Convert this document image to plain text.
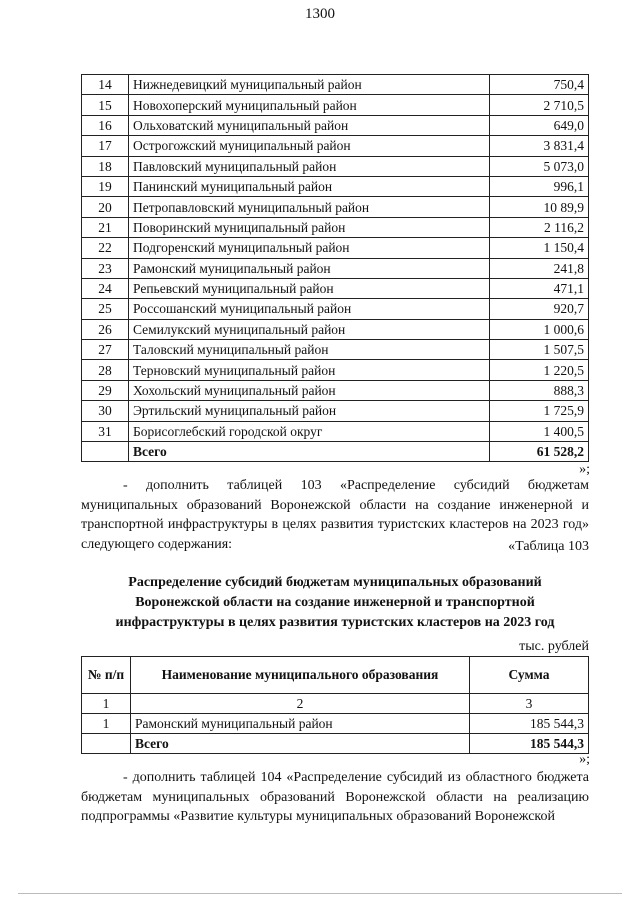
1300
14	Нижнедевицкий муниципальный район	750,4
15	Новохоперский муниципальный район	2 710,5
16	Ольховатский муниципальный район	649,0
17	Острогожский муниципальный район	3 831,4
18	Павловский муниципальный район	5 073,0
19	Панинский муниципальный район	996,1
20	Петропавловский муниципальный район	10 89,9
21	Поворинский муниципальный район	2 116,2
22	Подгоренский муниципальный район	1 150,4
23	Рамонский муниципальный район	241,8
24	Репьевский муниципальный район	471,1
25	Россошанский муниципальный район	920,7
26	Семилукский муниципальный район	1 000,6
27	Таловский муниципальный район	1 507,5
28	Терновский муниципальный район	1 220,5
29	Хохольский муниципальный район	888,3
30	Эртильский муниципальный район	1 725,9
31	Борисоглебский городской округ	1 400,5
	Всего	61 528,2
»;
- дополнить таблицей 103 «Распределение субсидий бюджетам муниципальных образований Воронежской области на создание инженерной и транспортной инфраструктуры в целях развития туристских кластеров на 2023 год» следующего содержания:	«Таблица 103
Распределение субсидий бюджетам муниципальных образований
Воронежской области на создание инженерной и транспортной
инфраструктуры в целях развития туристских кластеров на 2023 год
тыс. рублей
№ п/п	Наименование муниципального образования	Сумма
1	2	3
1	Рамонский муниципальный район	185 544,3
	Всего	185 544,3
»;
- дополнить таблицей 104 «Распределение субсидий из областного бюджета бюджетам муниципальных образований Воронежской области на реализацию подпрограммы «Развитие культуры муниципальных образований Воронежской
